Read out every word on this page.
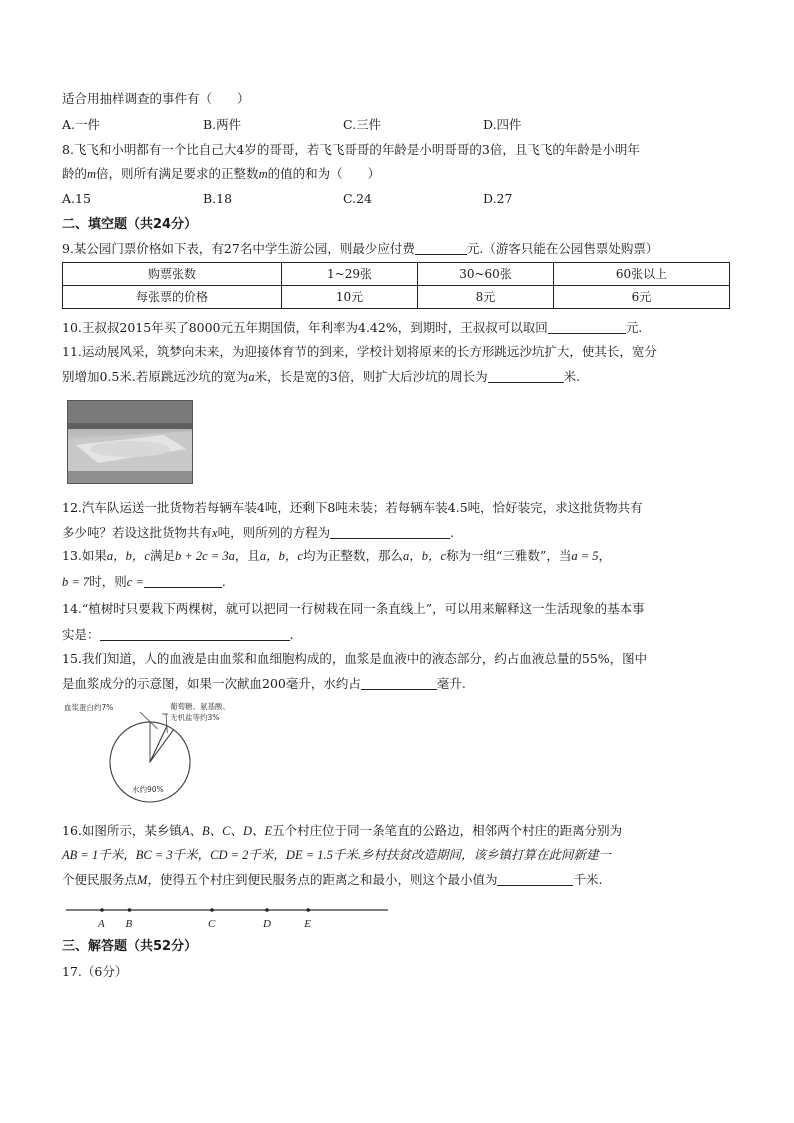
适合用抽样调查的事件有（　　）
A.一件	B.两件	C.三件	D.四件
8.飞飞和小明都有一个比自己大4岁的哥哥，若飞飞哥哥的年龄是小明哥哥的3倍，且飞飞的年龄是小明年
龄的m倍，则所有满足要求的正整数m的值的和为（　　）
A.15	B.18	C.24	D.27
二、填空题（共24分）
9.某公园门票价格如下表，有27名中学生游公园，则最少应付费	元.（游客只能在公园售票处购票）
购票张数	1~29张	30~60张	60张以上
每张票的价格	10元	8元	6元
10.王叔叔2015年买了8000元五年期国债，年利率为4.42%，到期时，王叔叔可以取回	元.
11.运动展风采，筑梦向未来，为迎接体育节的到来，学校计划将原来的长方形跳远沙坑扩大，使其长，宽分
别增加0.5米.若原跳远沙坑的宽为a米，长是宽的3倍，则扩大后沙坑的周长为	米.
12.汽车队运送一批货物若每辆车装4吨，还剩下8吨未装；若每辆车装4.5吨，恰好装完，求这批货物共有
多少吨？若设这批货物共有x吨，则所列的方程为	.
13.如果a，b，c满足b + 2c = 3a，且a，b，c均为正整数，那么a，b，c称为一组“三雅数”，当a = 5，
b = 7时，则c =	.
14.“植树时只要栽下两棵树，就可以把同一行树栽在同一条直线上”，可以用来解释这一生活现象的基本事
实是：	.
15.我们知道，人的血液是由血浆和血细胞构成的，血浆是血液中的液态部分，约占血液总量的55%，图中
是血浆成分的示意图，如果一次献血200毫升，水约占	毫升.
血浆蛋白约7%	葡萄糖、氨基酸、
无机盐等约3%
水约90%
16.如图所示，某乡镇A、B、C、D、E五个村庄位于同一条笔直的公路边，相邻两个村庄的距离分别为
AB = 1千米，BC = 3千米，CD = 2千米，DE = 1.5千米.乡村扶贫改造期间，该乡镇打算在此间新建一
个便民服务点M，使得五个村庄到便民服务点的距离之和最小，则这个最小值为	千米.
A B	C	D	E
三、解答题（共52分）
17.（6分）
